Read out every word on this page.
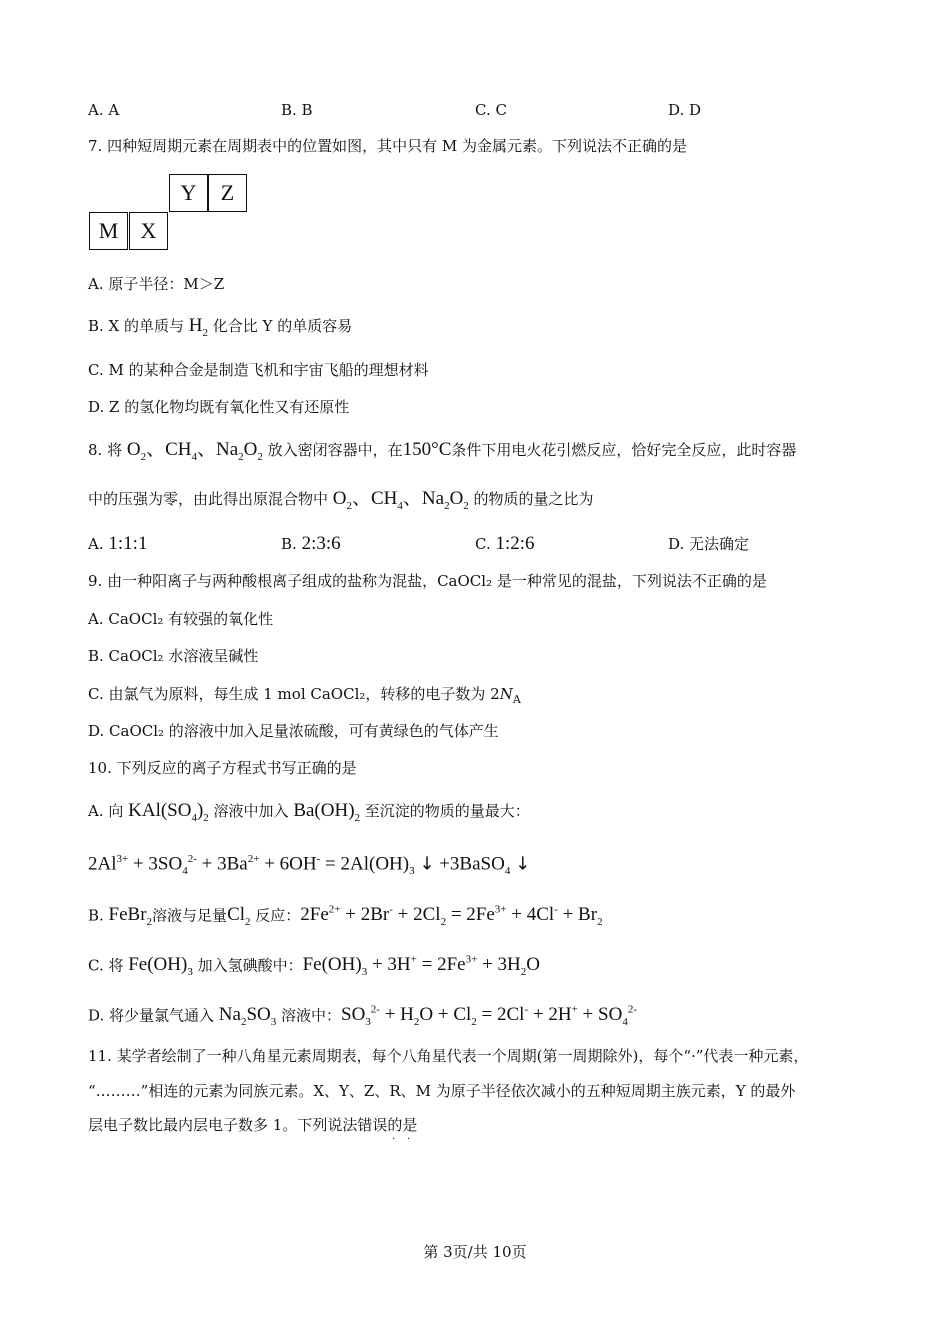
A. A	B. B	C. C	D. D
7. 四种短周期元素在周期表中的位置如图，其中只有 M 为金属元素。下列说法不正确的是
Y	Z
M	X
A. 原子半径：M＞Z
B. X 的单质与 $H_2$ 化合比 Y 的单质容易
C. M 的某种合金是制造飞机和宇宙飞船的理想材料
D. Z 的氢化物均既有氧化性又有还原性
8. 将 $O_2$、$CH_4$、$Na_2O_2$ 放入密闭容器中，在150°C条件下用电火花引燃反应，恰好完全反应，此时容器
中的压强为零，由此得出原混合物中 $O_2$、$CH_4$、$Na_2O_2$ 的物质的量之比为
A. 1:1:1	B. 2:3:6	C. 1:2:6	D. 无法确定
9. 由一种阳离子与两种酸根离子组成的盐称为混盐，CaOCl₂ 是一种常见的混盐，下列说法不正确的是
A. CaOCl₂ 有较强的氧化性
B. CaOCl₂ 水溶液呈碱性
C. 由氯气为原料，每生成 1 mol CaOCl₂，转移的电子数为 $2N_A$
D. CaOCl₂ 的溶液中加入足量浓硫酸，可有黄绿色的气体产生
10. 下列反应的离子方程式书写正确的是
A. 向 $KAl(SO_4)_2$ 溶液中加入 $Ba(OH)_2$ 至沉淀的物质的量最大：
$2Al^{3+} + 3SO_4^{2-} + 3Ba^{2+} + 6OH^- = 2Al(OH)_3$ ↓ +3BaSO$_4$ ↓
B. FeBr$_2$溶液与足量$Cl_2$ 反应：$2Fe^{2+} + 2Br^- + 2Cl_2 = 2Fe^{3+} + 4Cl^- + Br_2$
C. 将 $Fe(OH)_3$ 加入氢碘酸中：$Fe(OH)_3 + 3H^+ = 2Fe^{3+} + 3H_2O$
D. 将少量氯气通入 $Na_2SO_3$ 溶液中：$SO_3^{2-} + H_2O + Cl_2 = 2Cl^- + 2H^+ + SO_4^{2-}$
11. 某学者绘制了一种八角星元素周期表，每个八角星代表一个周期(第一周期除外)，每个“·”代表一种元素，
“………”相连的元素为同族元素。X、Y、Z、R、M 为原子半径依次减小的五种短周期主族元素，Y 的最外
层电子数比最内层电子数多 1。下列说法错误的是
· ·
第 3页/共 10页
